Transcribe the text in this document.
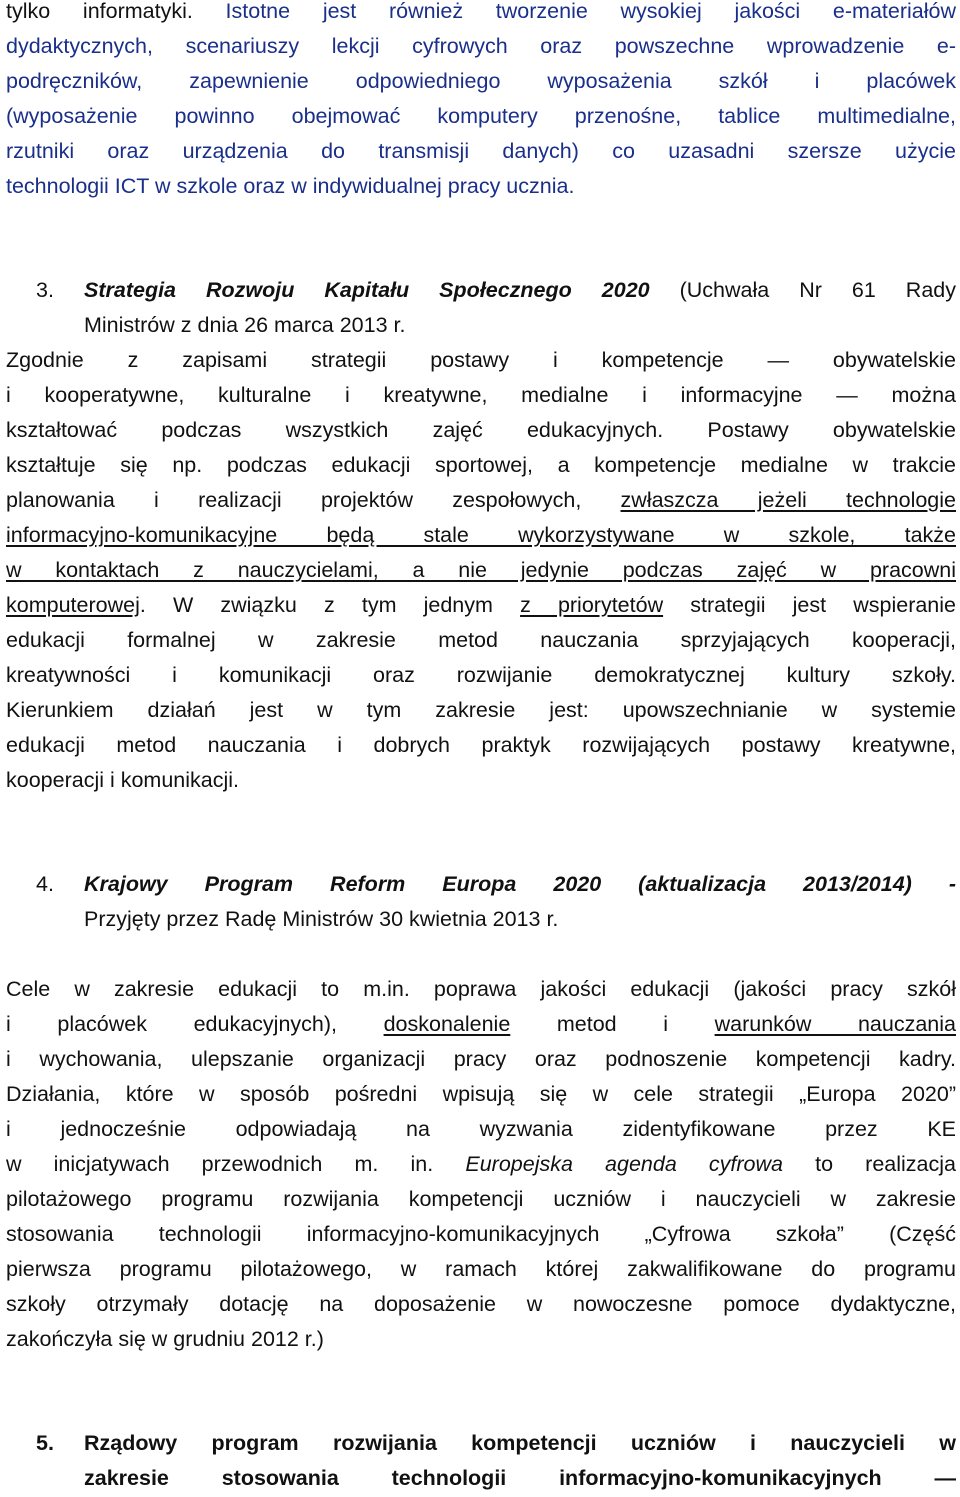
tylko informatyki. Istotne jest również tworzenie wysokiej jakości e-materiałów
dydaktycznych, scenariuszy lekcji cyfrowych oraz powszechne wprowadzenie e-
podręczników, zapewnienie odpowiedniego wyposażenia szkół i placówek
(wyposażenie powinno obejmować komputery przenośne, tablice multimedialne,
rzutniki oraz urządzenia do transmisji danych) co uzasadni szersze użycie
technologii ICT w szkole oraz w indywidualnej pracy ucznia.
3. Strategia Rozwoju Kapitału Społecznego 2020 (Uchwała Nr 61 Rady
Ministrów z dnia 26 marca 2013 r.
Zgodnie z zapisami strategii postawy i kompetencje — obywatelskie
i kooperatywne, kulturalne i kreatywne, medialne i informacyjne — można
kształtować podczas wszystkich zajęć edukacyjnych. Postawy obywatelskie
kształtuje się np. podczas edukacji sportowej, a kompetencje medialne w trakcie
planowania i realizacji projektów zespołowych, zwłaszcza jeżeli technologie
informacyjno-komunikacyjne będą stale wykorzystywane w szkole, także
w kontaktach z nauczycielami, a nie jedynie podczas zajęć w pracowni
komputerowej. W związku z tym jednym z priorytetów strategii jest wspieranie
edukacji formalnej w zakresie metod nauczania sprzyjających kooperacji,
kreatywności i komunikacji oraz rozwijanie demokratycznej kultury szkoły.
Kierunkiem działań jest w tym zakresie jest: upowszechnianie w systemie
edukacji metod nauczania i dobrych praktyk rozwijających postawy kreatywne,
kooperacji i komunikacji.
4. Krajowy Program Reform Europa 2020 (aktualizacja 2013/2014) -
Przyjęty przez Radę Ministrów 30 kwietnia 2013 r.
Cele w zakresie edukacji to m.in. poprawa jakości edukacji (jakości pracy szkół
i placówek edukacyjnych), doskonalenie metod i warunków nauczania
i wychowania, ulepszanie organizacji pracy oraz podnoszenie kompetencji kadry.
Działania, które w sposób pośredni wpisują się w cele strategii „Europa 2020”
i jednocześnie odpowiadają na wyzwania zidentyfikowane przez KE
w inicjatywach przewodnich m. in. Europejska agenda cyfrowa to realizacja
pilotażowego programu rozwijania kompetencji uczniów i nauczycieli w zakresie
stosowania technologii informacyjno-komunikacyjnych „Cyfrowa szkoła” (Część
pierwsza programu pilotażowego, w ramach której zakwalifikowane do programu
szkoły otrzymały dotację na doposażenie w nowoczesne pomoce dydaktyczne,
zakończyła się w grudniu 2012 r.)
5. Rządowy program rozwijania kompetencji uczniów i nauczycieli w
zakresie stosowania technologii informacyjno-komunikacyjnych —
